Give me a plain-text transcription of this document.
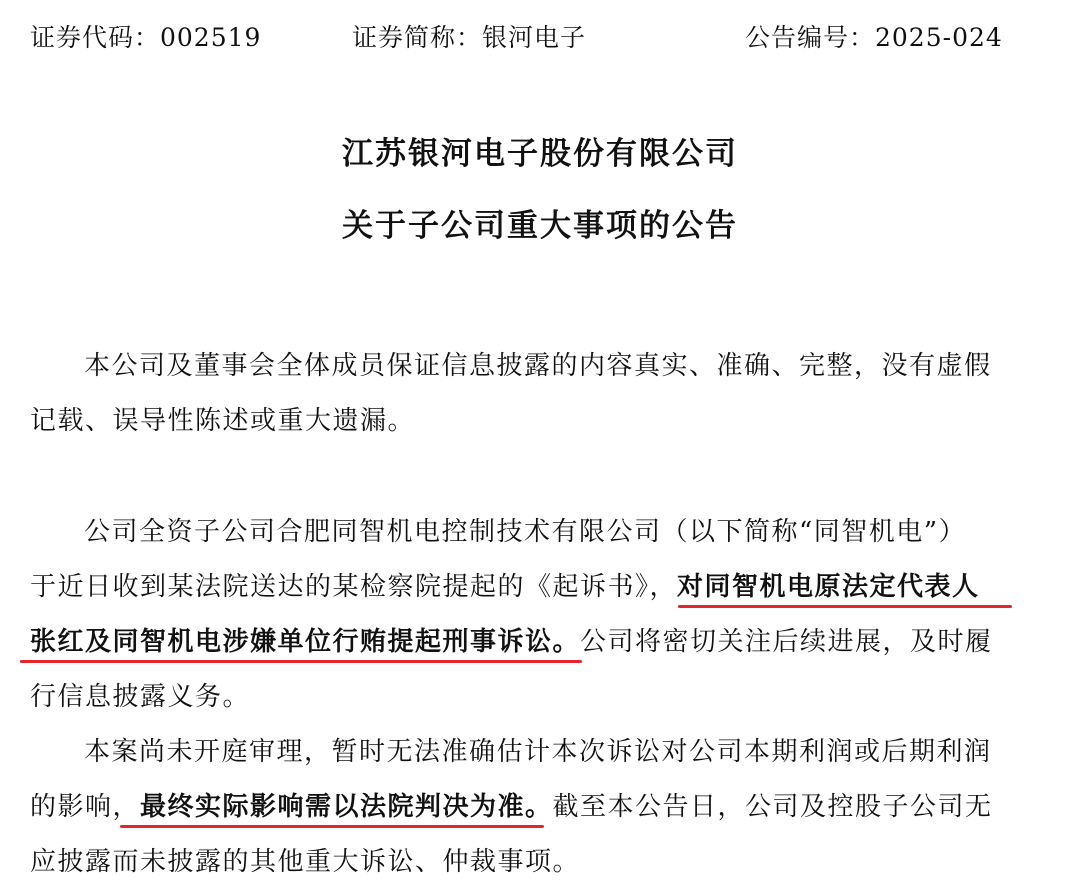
证券代码：002519	证券简称：银河电子	公告编号：2025-024
江苏银河电子股份有限公司
关于子公司重大事项的公告
本公司及董事会全体成员保证信息披露的内容真实、准确、完整，没有虚假
记载、误导性陈述或重大遗漏。
公司全资子公司合肥同智机电控制技术有限公司（以下简称“同智机电”）
于近日收到某法院送达的某检察院提起的《起诉书》，对同智机电原法定代表人
张红及同智机电涉嫌单位行贿提起刑事诉讼。公司将密切关注后续进展，及时履
行信息披露义务。
本案尚未开庭审理，暂时无法准确估计本次诉讼对公司本期利润或后期利润
的影响，最终实际影响需以法院判决为准。截至本公告日，公司及控股子公司无
应披露而未披露的其他重大诉讼、仲裁事项。
